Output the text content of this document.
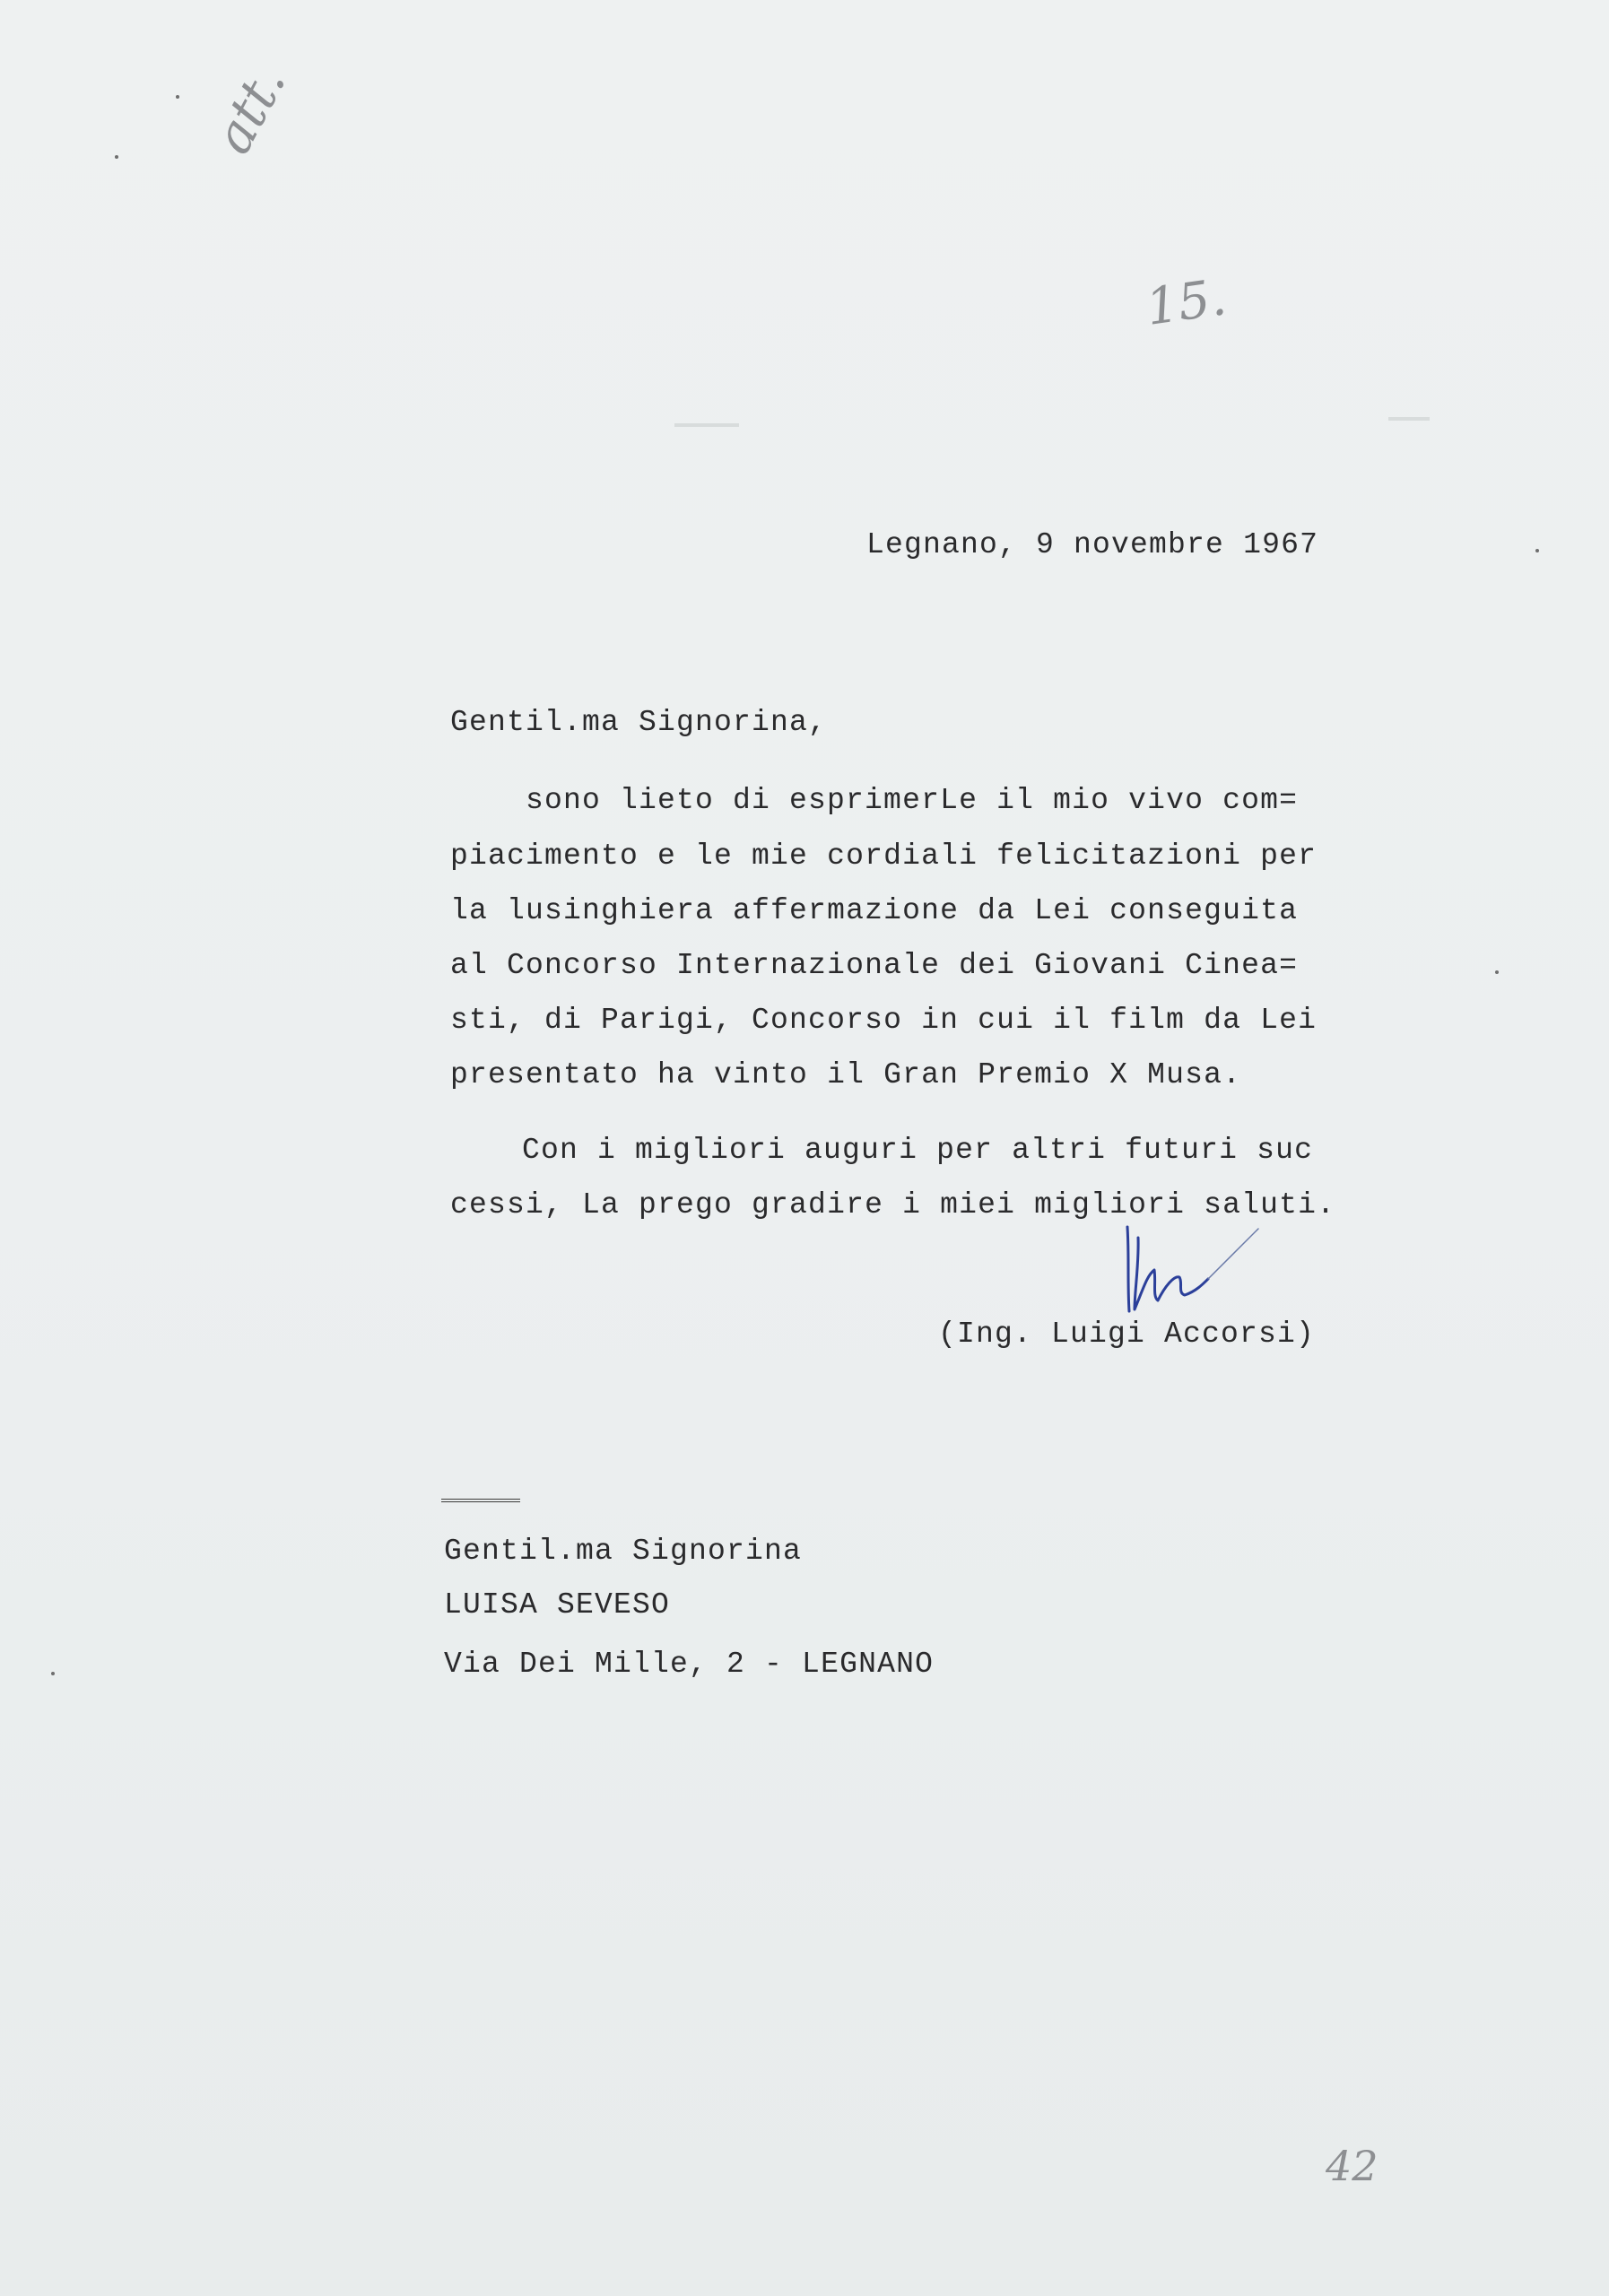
att.

15.

42

Legnano, 9 novembre 1967

Gentil.ma Signorina,

sono lieto di esprimerLe il mio vivo com=

piacimento e le mie cordiali felicitazioni per

la lusinghiera affermazione da Lei conseguita

al Concorso Internazionale dei Giovani Cinea=

sti, di Parigi, Concorso in cui il film da Lei

presentato ha vinto il Gran Premio X Musa.

Con i migliori auguri per altri futuri suc

cessi, La prego gradire i miei migliori saluti.

(Ing. Luigi Accorsi)

Gentil.ma Signorina

LUISA SEVESO

Via Dei Mille, 2 - LEGNANO
